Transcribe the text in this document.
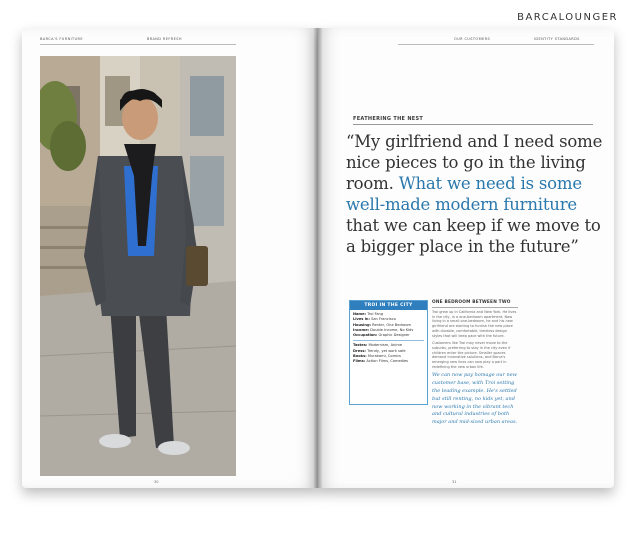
BARCALOUNGER
BARCA'S FURNITURE	BRAND REFRESH
30
OUR CUSTOMERS	IDENTITY STANDARDS
FEATHERING THE NEST
“My girlfriend and I need some nice pieces to go in the living room. What we need is some well-made modern furniture that we can keep if we move to a bigger place in the future”
TROI IN THE CITY
Name: Troi Fang
Lives in: San Francisco
Housing: Renter, One Bedroom
Income: Double Income, No Kids
Occupation: Graphic Designer
Tastes: Modernism, Anime
Dress: Trendy, yet work safe
Books: Murakami, Comics
Films: Action Films, Comedies
ONE BEDROOM BETWEEN TWO
Troi grew up in California and New York. He lives in the city, in a one-bedroom apartment. Now living in a small one-bedroom, he and his new girlfriend are starting to furnish the new place with durable, comfortable, timeless design styles that will keep pace with the future.
Customers like Troi may never move to the suburbs, preferring to stay in the city even if children enter the picture. Smaller spaces demand innovative solutions, and Barca's emerging new lines can now play a part in redefining the new urban life.
We can now pay homage our new customer base, with Troi setting the leading example. He's settled but still renting, no kids yet, and now working in the vibrant tech and cultural industries of both major and mid-sized urban areas.
31
